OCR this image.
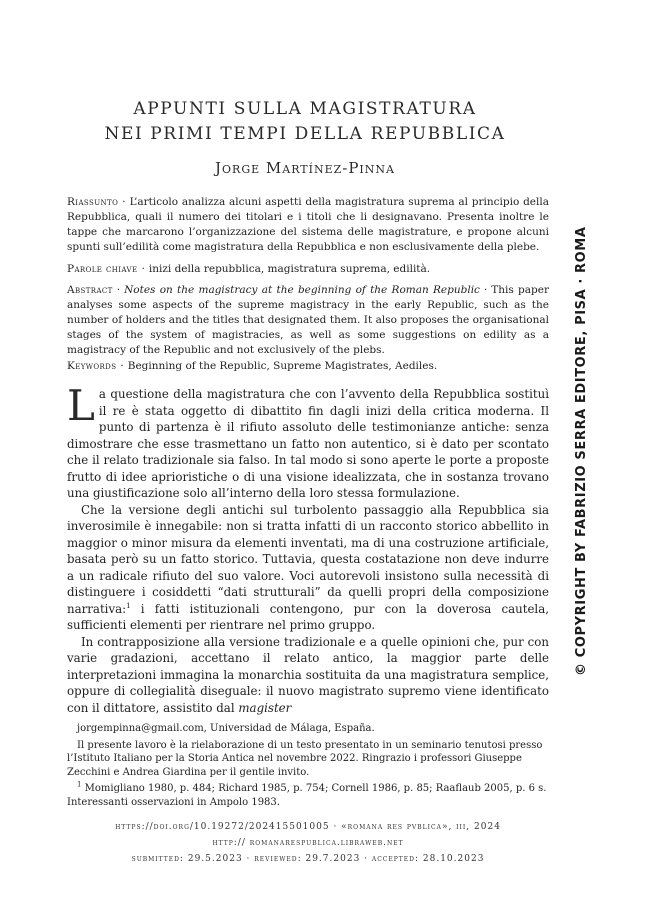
APPUNTI SULLA MAGISTRATURA
NEI PRIMI TEMPI DELLA REPUBBLICA
Jorge Martínez-Pinna

Riassunto · L’articolo analizza alcuni aspetti della magistratura suprema al principio della Repubblica, quali il numero dei titolari e i titoli che li designavano. Presenta inoltre le tappe che marcarono l’organizzazione del sistema delle magistrature, e propone alcuni spunti sull’edilità come magistratura della Repubblica e non esclusivamente della plebe.

Parole chiave · inizi della repubblica, magistratura suprema, edilità.

Abstract · Notes on the magistracy at the beginning of the Roman Republic · This paper analyses some aspects of the supreme magistracy in the early Republic, such as the number of holders and the titles that designated them. It also proposes the organisational stages of the system of magistracies, as well as some suggestions on edility as a magistracy of the Republic and not exclusively of the plebs.

Keywords · Beginning of the Republic, Supreme Magistrates, Aediles.

La questione della magistratura che con l’avvento della Repubblica sostituì il re è stata oggetto di dibattito fin dagli inizi della critica moderna. Il punto di partenza è il rifiuto assoluto delle testimonianze antiche: senza dimostrare che esse trasmettano un fatto non autentico, si è dato per scontato che il relato tradizionale sia falso. In tal modo si sono aperte le porte a proposte frutto di idee aprioristiche o di una visione idealizzata, che in sostanza trovano una giustificazione solo all’interno della loro stessa formulazione.

Che la versione degli antichi sul turbolento passaggio alla Repubblica sia inverosimile è innegabile: non si tratta infatti di un racconto storico abbellito in maggior o minor misura da elementi inventati, ma di una costruzione artificiale, basata però su un fatto storico. Tuttavia, questa costatazione non deve indurre a un radicale rifiuto del suo valore. Voci autorevoli insistono sulla necessità di distinguere i cosiddetti “dati strutturali” da quelli propri della composizione narrativa:$^1$ i fatti istituzionali contengono, pur con la doverosa cautela, sufficienti elementi per rientrare nel primo gruppo.

In contrapposizione alla versione tradizionale e a quelle opinioni che, pur con varie gradazioni, accettano il relato antico, la maggior parte delle interpretazioni immagina la monarchia sostituita da una magistratura semplice, oppure di collegialità diseguale: il nuovo magistrato supremo viene identificato con il dittatore, assistito dal magister

jorgempinna@gmail.com, Universidad de Málaga, España.

Il presente lavoro è la rielaborazione di un testo presentato in un seminario tenutosi presso l’Istituto Italiano per la Storia Antica nel novembre 2022. Ringrazio i professori Giuseppe Zecchini e Andrea Giardina per il gentile invito.

$^1$ Momigliano 1980, p. 484; Richard 1985, p. 754; Cornell 1986, p. 85; Raaflaub 2005, p. 6 s. Interessanti osservazioni in Ampolo 1983.

https://doi.org/10.19272/202415501005 · «romana res pvblica», iii, 2024
http:// romanarespublica.libraweb.net
submitted: 29.5.2023 · reviewed: 29.7.2023 · accepted: 28.10.2023
© COPYRIGHT BY FABRIZIO SERRA EDITORE, PISA · ROMA
